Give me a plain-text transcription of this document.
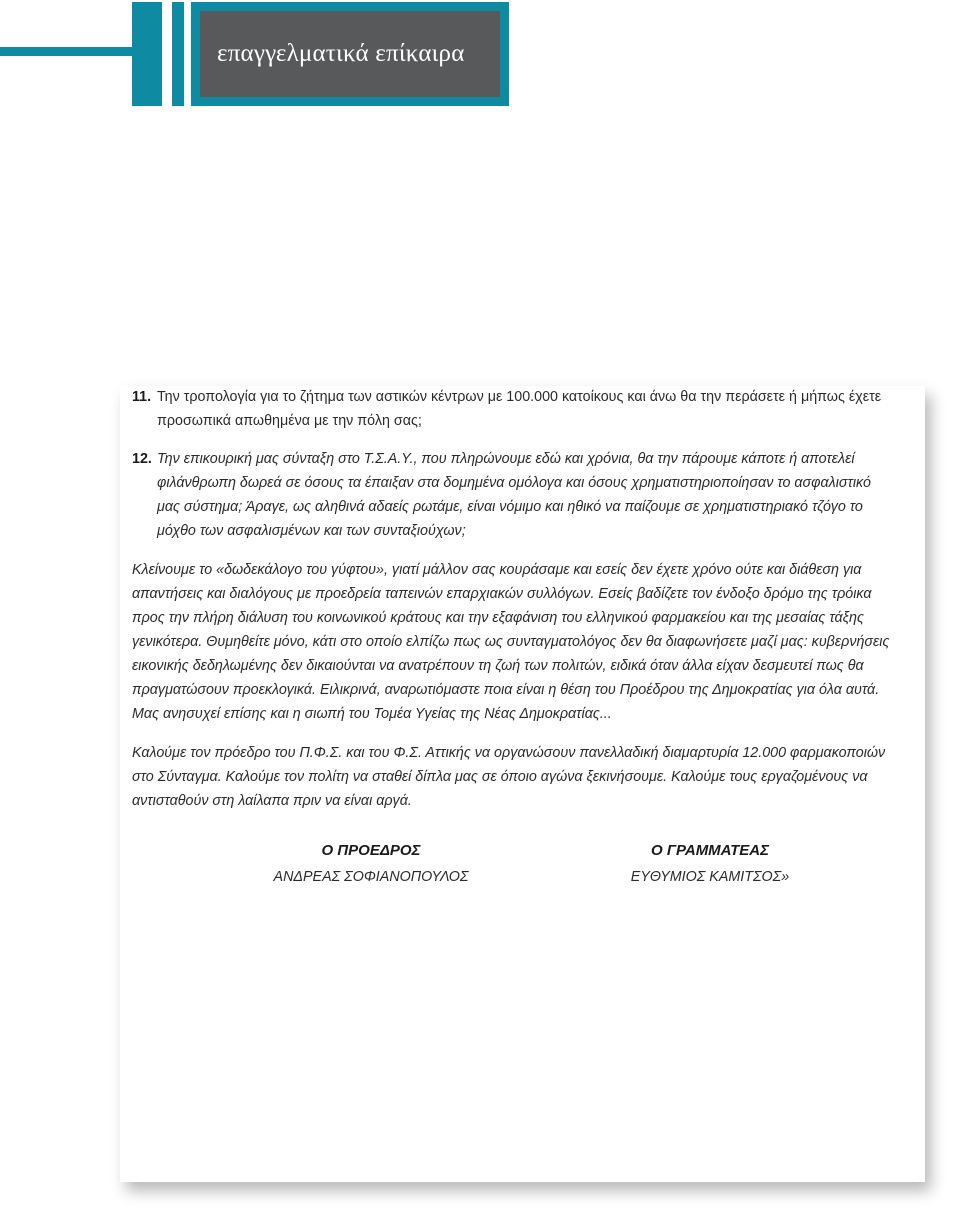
επαγγελματικά επίκαιρα
11. Την τροπολογία για το ζήτημα των αστικών κέντρων με 100.000 κατοίκους και άνω θα την περάσετε ή μήπως έχετε προσωπικά απωθημένα με την πόλη σας;
12. Την επικουρική μας σύνταξη στο Τ.Σ.Α.Υ., που πληρώνουμε εδώ και χρόνια, θα την πάρουμε κάποτε ή αποτελεί φιλάνθρωπη δωρεά σε όσους τα έπαιξαν στα δομημένα ομόλογα και όσους χρηματιστηριοποίησαν το ασφαλιστικό μας σύστημα; Άραγε, ως αληθινά αδαείς ρωτάμε, είναι νόμιμο και ηθικό να παίζουμε σε χρηματιστηριακό τζόγο το μόχθο των ασφαλισμένων και των συνταξιούχων;

Κλείνουμε το «δωδεκάλογο του γύφτου», γιατί μάλλον σας κουράσαμε και εσείς δεν έχετε χρόνο ούτε και διάθεση για απαντήσεις και διαλόγους με προεδρεία ταπεινών επαρχιακών συλλόγων. Εσείς βαδίζετε τον ένδοξο δρόμο της τρόικα προς την πλήρη διάλυση του κοινωνικού κράτους και την εξαφάνιση του ελληνικού φαρμακείου και της μεσαίας τάξης γενικότερα. Θυμηθείτε μόνο, κάτι στο οποίο ελπίζω πως ως συνταγματολόγος δεν θα διαφωνήσετε μαζί μας: κυβερνήσεις εικονικής δεδηλωμένης δεν δικαιούνται να ανατρέπουν τη ζωή των πολιτών, ειδικά όταν άλλα είχαν δεσμευτεί πως θα πραγματώσουν προεκλογικά. Ειλικρινά, αναρωτιόμαστε ποια είναι η θέση του Προέδρου της Δημοκρατίας για όλα αυτά. Μας ανησυχεί επίσης και η σιωπή του Τομέα Υγείας της Νέας Δημοκρατίας...

Καλούμε τον πρόεδρο του Π.Φ.Σ. και του Φ.Σ. Αττικής να οργανώσουν πανελλαδική διαμαρτυρία 12.000 φαρμακοποιών στο Σύνταγμα. Καλούμε τον πολίτη να σταθεί δίπλα μας σε όποιο αγώνα ξεκινήσουμε. Καλούμε τους εργαζομένους να αντισταθούν στη λαίλαπα πριν να είναι αργά.

Ο ΠΡΟΕΔΡΟΣ
ΑΝΔΡΕΑΣ ΣΟΦΙΑΝΟΠΟΥΛΟΣ
Ο ΓΡΑΜΜΑΤΕΑΣ
ΕΥΘΥΜΙΟΣ ΚΑΜΙΤΣΟΣ»
